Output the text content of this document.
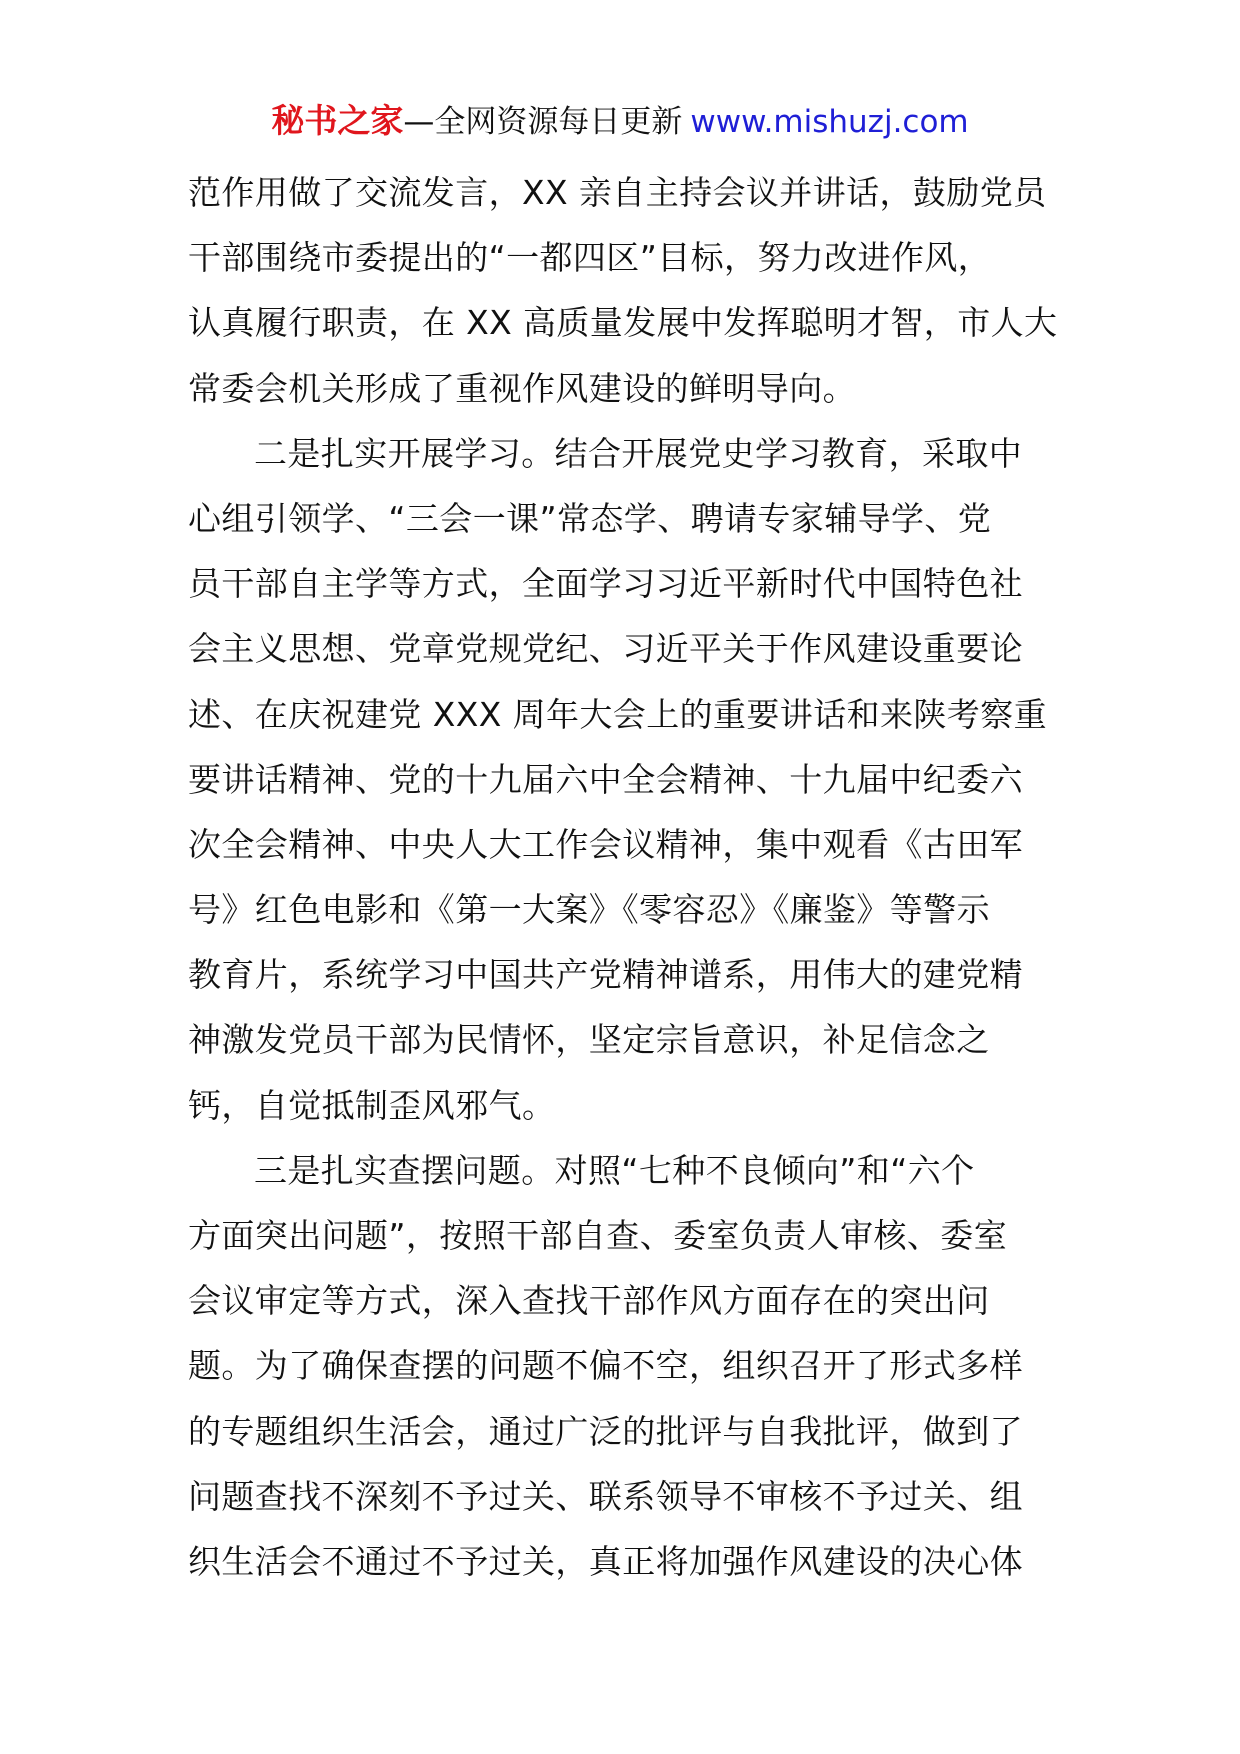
秘书之家—全网资源每日更新 www.mishuzj.com
范作用做了交流发言，XX 亲自主持会议并讲话，鼓励党员
干部围绕市委提出的“一都四区”目标，努力改进作风，
认真履行职责，在 XX 高质量发展中发挥聪明才智，市人大
常委会机关形成了重视作风建设的鲜明导向。
二是扎实开展学习。结合开展党史学习教育，采取中
心组引领学、“三会一课”常态学、聘请专家辅导学、党
员干部自主学等方式，全面学习习近平新时代中国特色社
会主义思想、党章党规党纪、习近平关于作风建设重要论
述、在庆祝建党 XXX 周年大会上的重要讲话和来陕考察重
要讲话精神、党的十九届六中全会精神、十九届中纪委六
次全会精神、中央人大工作会议精神，集中观看《古田军
号》红色电影和《第一大案》《零容忍》《廉鉴》等警示
教育片，系统学习中国共产党精神谱系，用伟大的建党精
神激发党员干部为民情怀，坚定宗旨意识，补足信念之
钙，自觉抵制歪风邪气。
三是扎实查摆问题。对照“七种不良倾向”和“六个
方面突出问题”，按照干部自查、委室负责人审核、委室
会议审定等方式，深入查找干部作风方面存在的突出问
题。为了确保查摆的问题不偏不空，组织召开了形式多样
的专题组织生活会，通过广泛的批评与自我批评，做到了
问题查找不深刻不予过关、联系领导不审核不予过关、组
织生活会不通过不予过关，真正将加强作风建设的决心体
